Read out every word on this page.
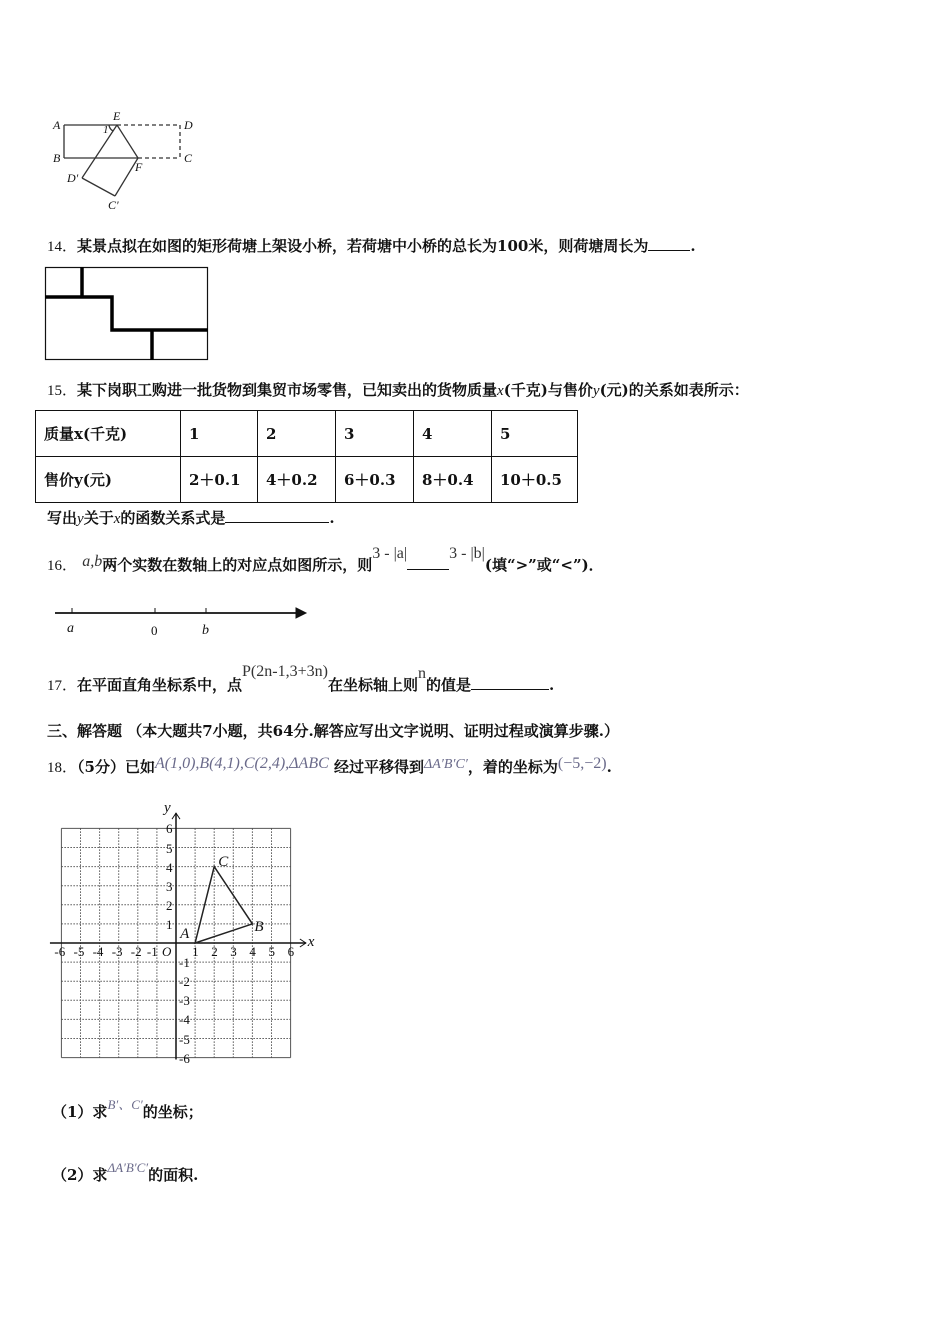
A
B
E
D
C
F
D'
C'
1
14．某景点拟在如图的矩形荷塘上架设小桥，若荷塘中小桥的总长为100米，则荷塘周长为	.
15．某下岗职工购进一批货物到集贸市场零售，已知卖出的货物质量x(千克)与售价y(元)的关系如表所示：
质量x(千克)	1	2	3	4	5
售价y(元)	2＋0.1	4＋0.2	6＋0.3	8＋0.4	10＋0.5
写出y关于x的函数关系式是	.
16． a,b两个实数在数轴上的对应点如图所示，则3 - |a|	3 - |b|(填“>”或“<”)．
a	0	b
17．在平面直角坐标系中，点P(2n-1,3+3n)在坐标轴上则n的值是	.
三、解答题 （本大题共7小题，共64分.解答应写出文字说明、证明过程或演算步骤.）
18．（5分）已如A(1,0),B(4,1),C(2,4),ΔABC 经过平移得到ΔA′B′C′，着的坐标为(−5,−2).
-6 -5 -4 -3 -2 -1	1 2 3 4 5 6
6
5
4
3
2
1
-1
-2
-3
-4
-5
-6
O
x
y
A	B
C
（1）求B′、C′的坐标；
（2）求ΔA′B′C′的面积.
